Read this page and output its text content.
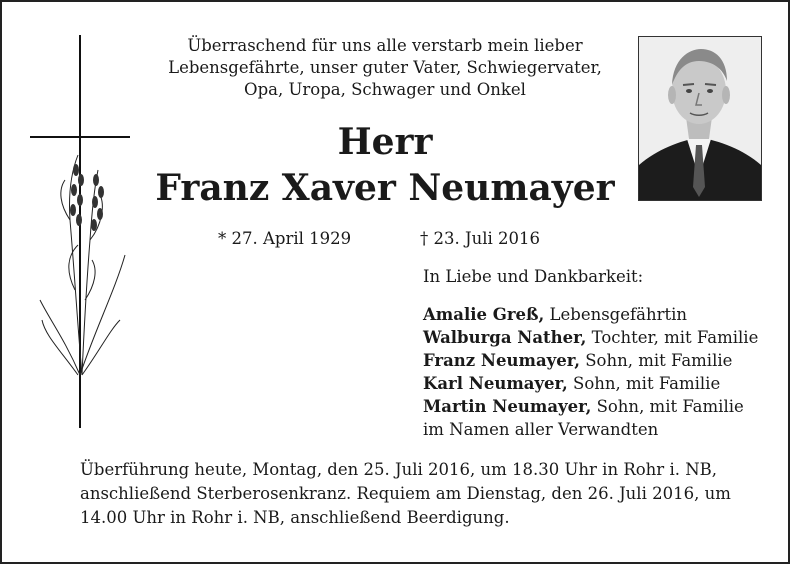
Überraschend für uns alle verstarb mein lieber
Lebensgefährte, unser guter Vater, Schwiegervater,
Opa, Uropa, Schwager und Onkel
Herr
Franz Xaver Neumayer
* 27. April 1929	† 23. Juli 2016
In Liebe und Dankbarkeit:
Amalie Greß, Lebensgefährtin
Walburga Nather, Tochter, mit Familie
Franz Neumayer, Sohn, mit Familie
Karl Neumayer, Sohn, mit Familie
Martin Neumayer, Sohn, mit Familie
im Namen aller Verwandten
Überführung heute, Montag, den 25. Juli 2016, um 18.30 Uhr in Rohr i. NB,
anschließend Sterberosenkranz. Requiem am Dienstag, den 26. Juli 2016, um
14.00 Uhr in Rohr i. NB, anschließend Beerdigung.
